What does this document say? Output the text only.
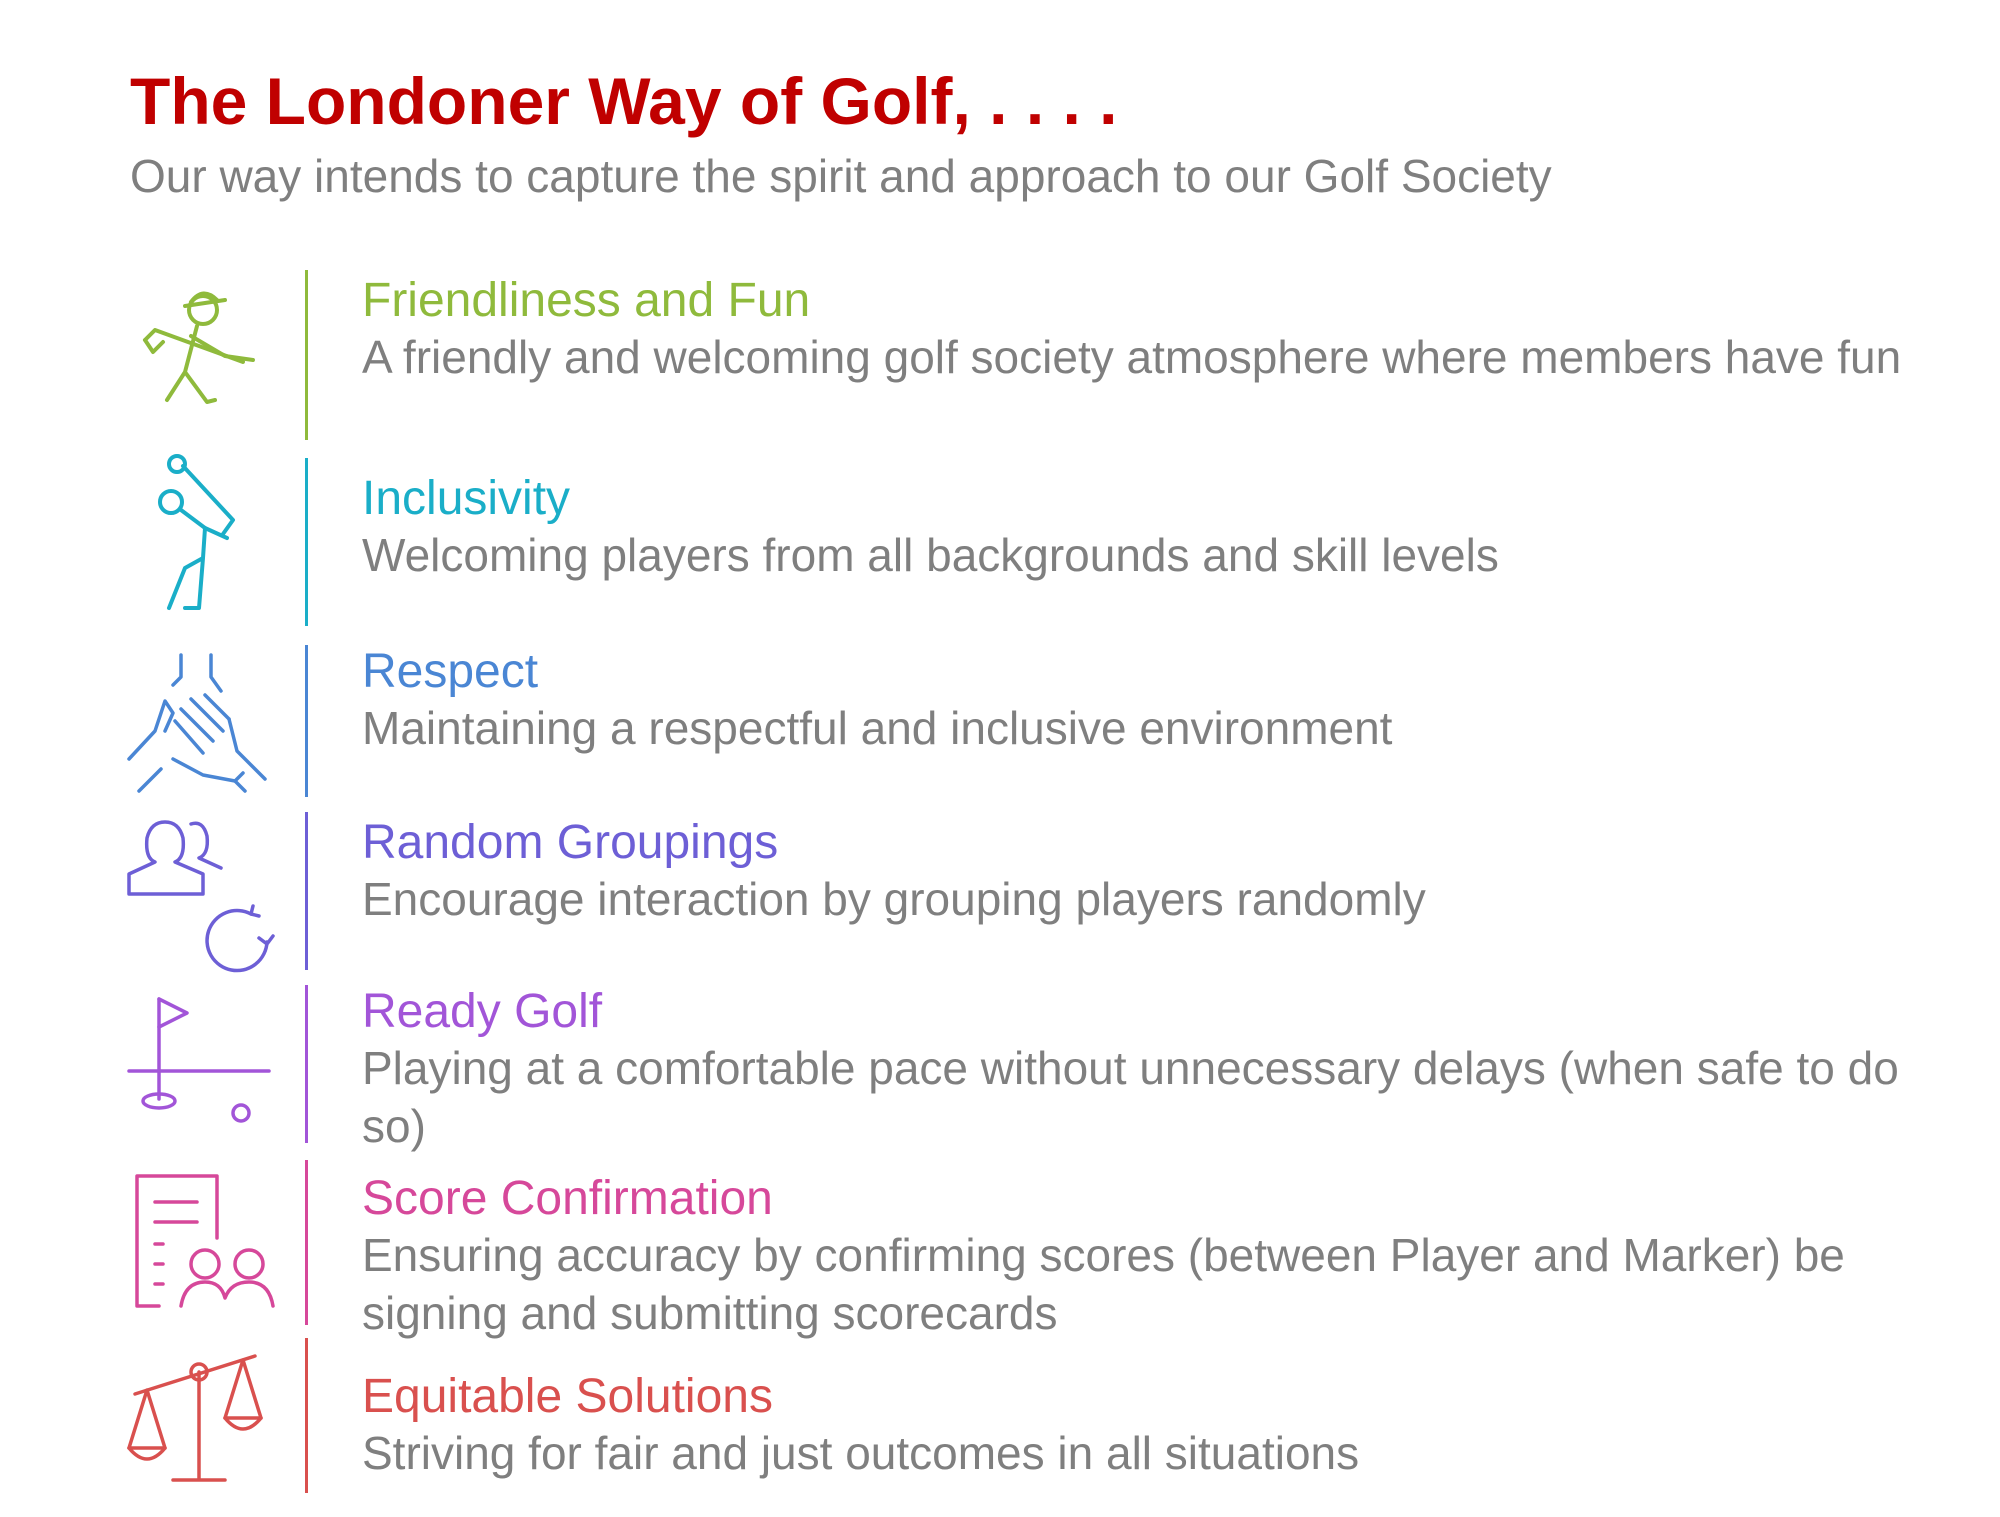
The Londoner Way of Golf, . . . .
Our way intends to capture the spirit and approach to our Golf Society
Friendliness and Fun
A friendly and welcoming golf society atmosphere where members have fun
Inclusivity
Welcoming players from all backgrounds and skill levels
Respect
Maintaining a respectful and inclusive environment
Random Groupings
Encourage interaction by grouping players randomly
Ready Golf
Playing at a comfortable pace without unnecessary delays (when safe to do so)
Score Confirmation
Ensuring accuracy by confirming scores (between Player and Marker) be signing and submitting scorecards
Equitable Solutions
Striving for fair and just outcomes in all situations
